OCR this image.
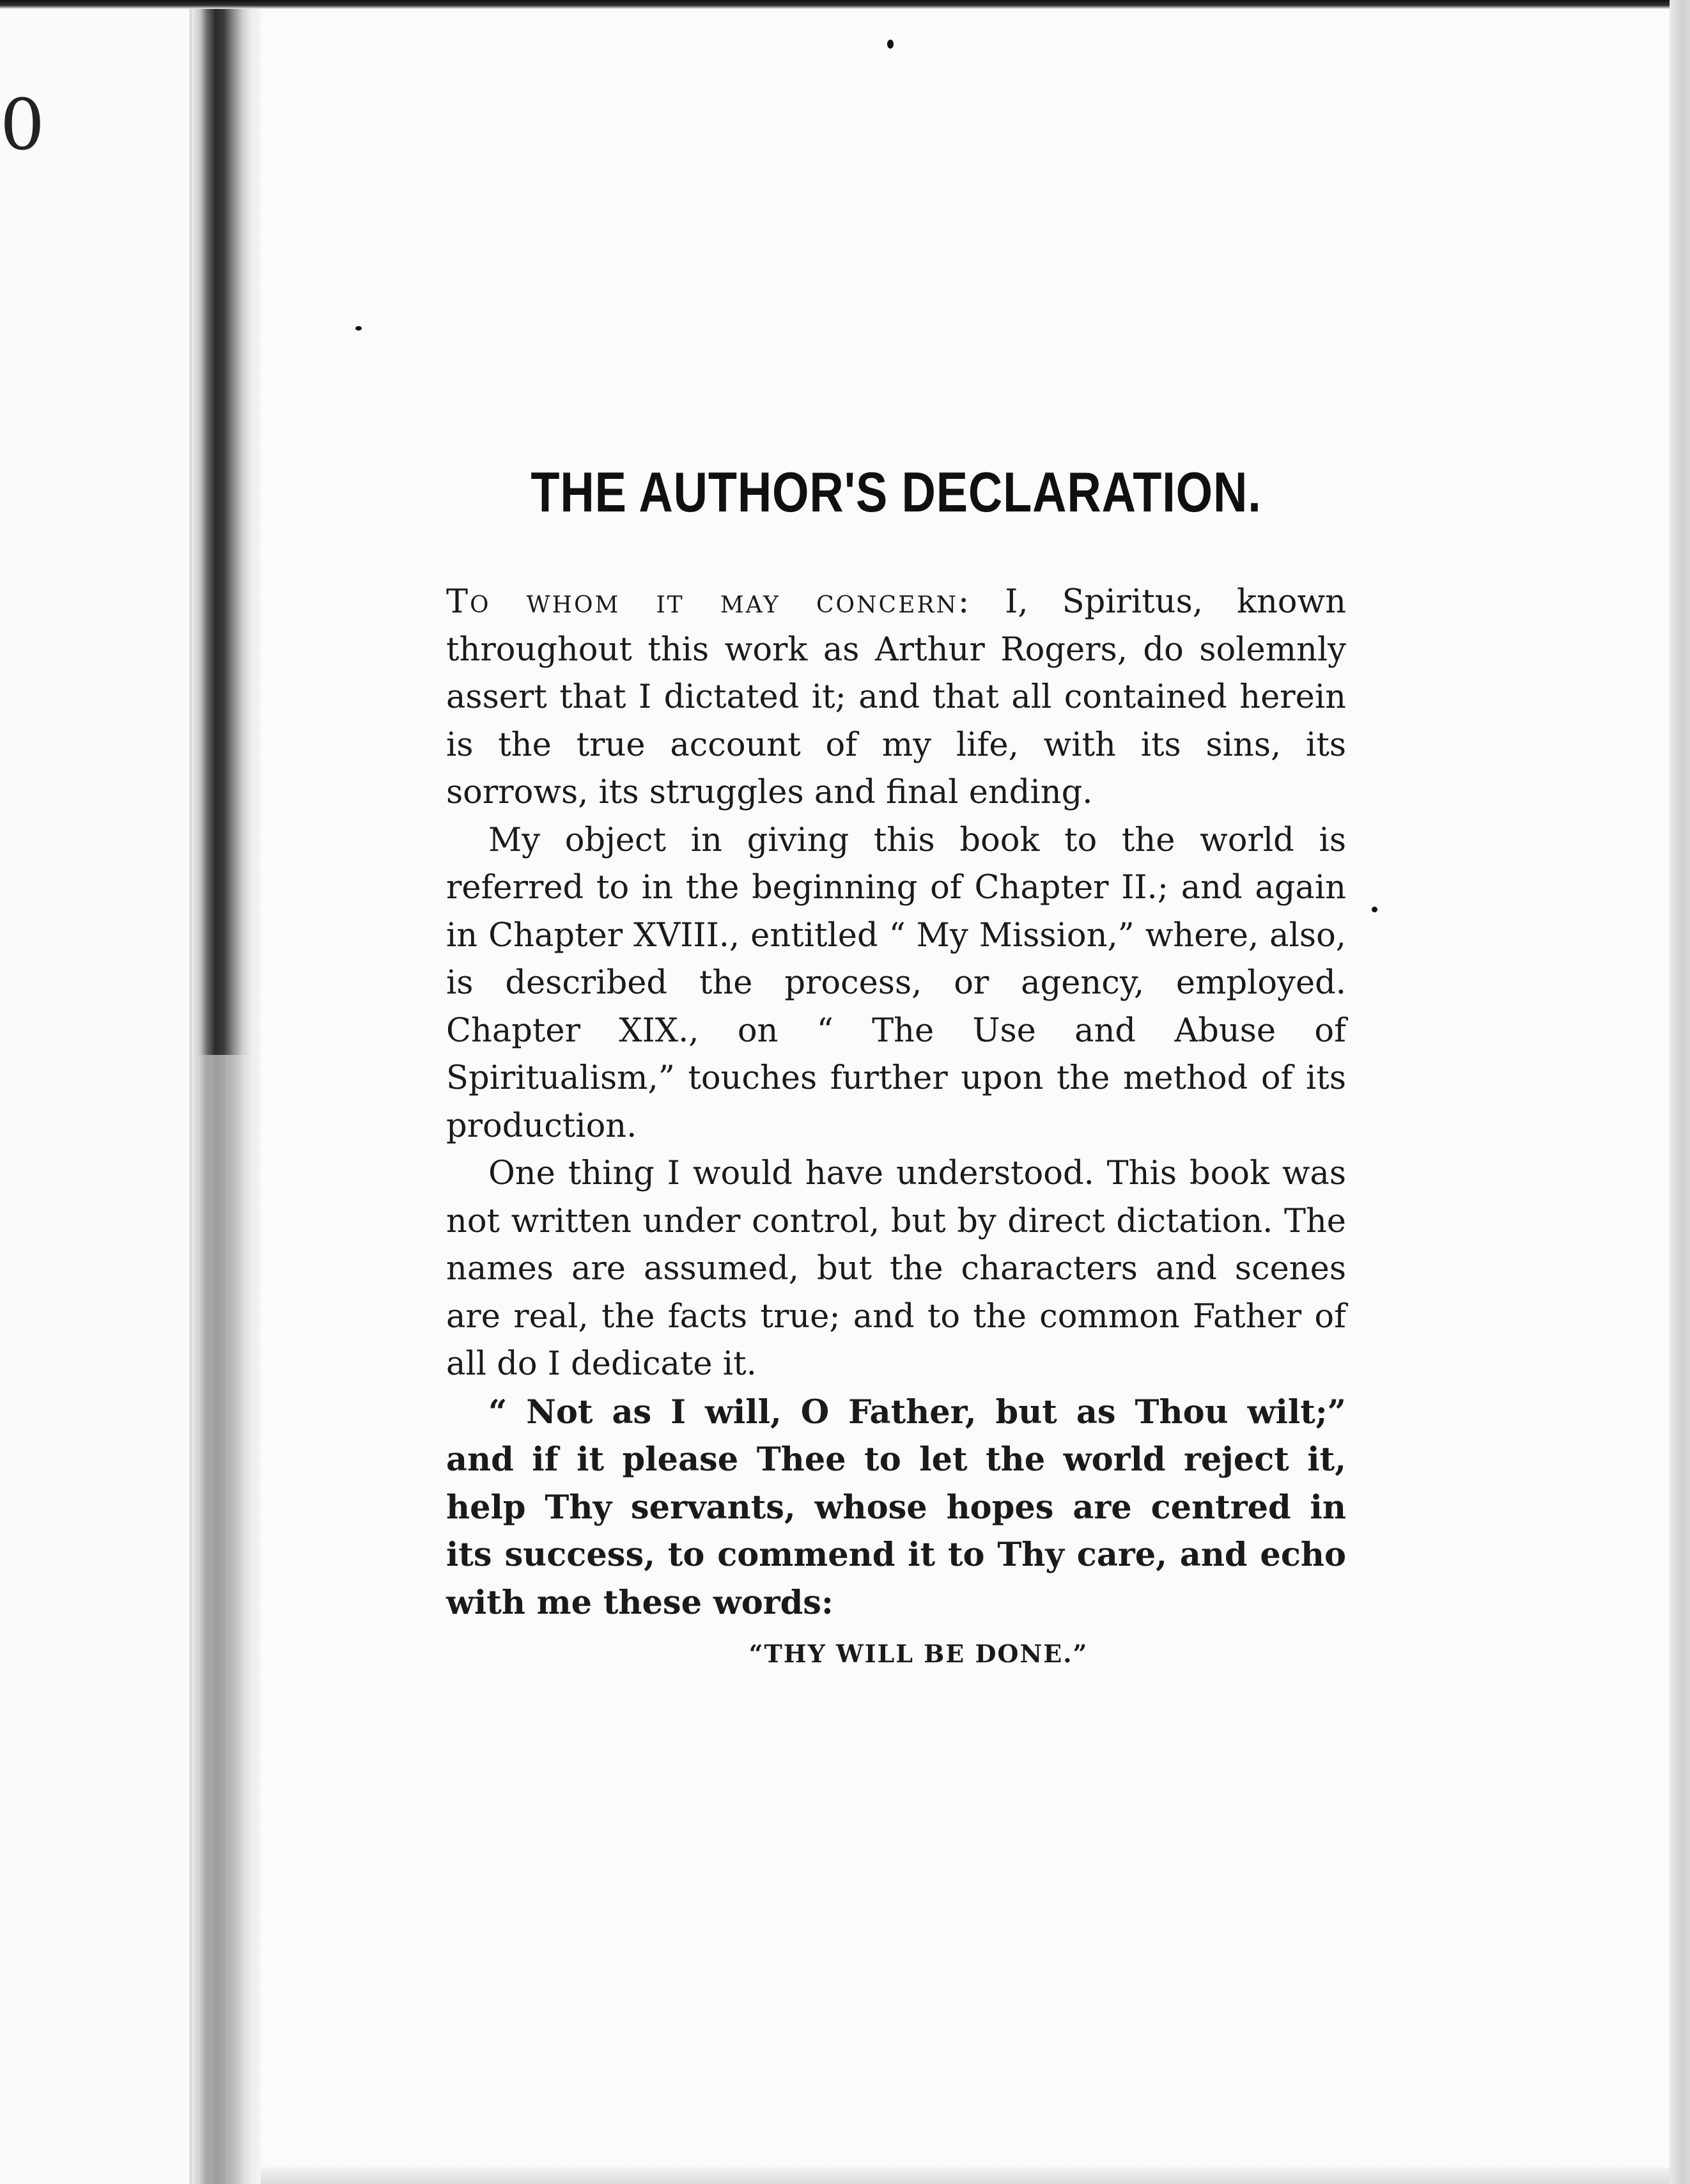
0
THE AUTHOR'S DECLARATION.

To whom it may concern: I, Spiritus, known throughout this work as Arthur Rogers, do solemnly assert that I dictated it; and that all contained herein is the true account of my life, with its sins, its sorrows, its struggles and final ending.

My object in giving this book to the world is referred to in the beginning of Chapter II.; and again in Chapter XVIII., entitled “ My Mission,” where, also, is described the process, or agency, employed. Chapter XIX., on “ The Use and Abuse of Spiritualism,” touches further upon the method of its production.

One thing I would have understood. This book was not written under control, but by direct dictation. The names are assumed, but the characters and scenes are real, the facts true; and to the common Father of all do I dedicate it.

“ Not as I will, O Father, but as Thou wilt;” and if it please Thee to let the world reject it, help Thy servants, whose hopes are centred in its success, to commend it to Thy care, and echo with me these words:

“THY WILL BE DONE.”
